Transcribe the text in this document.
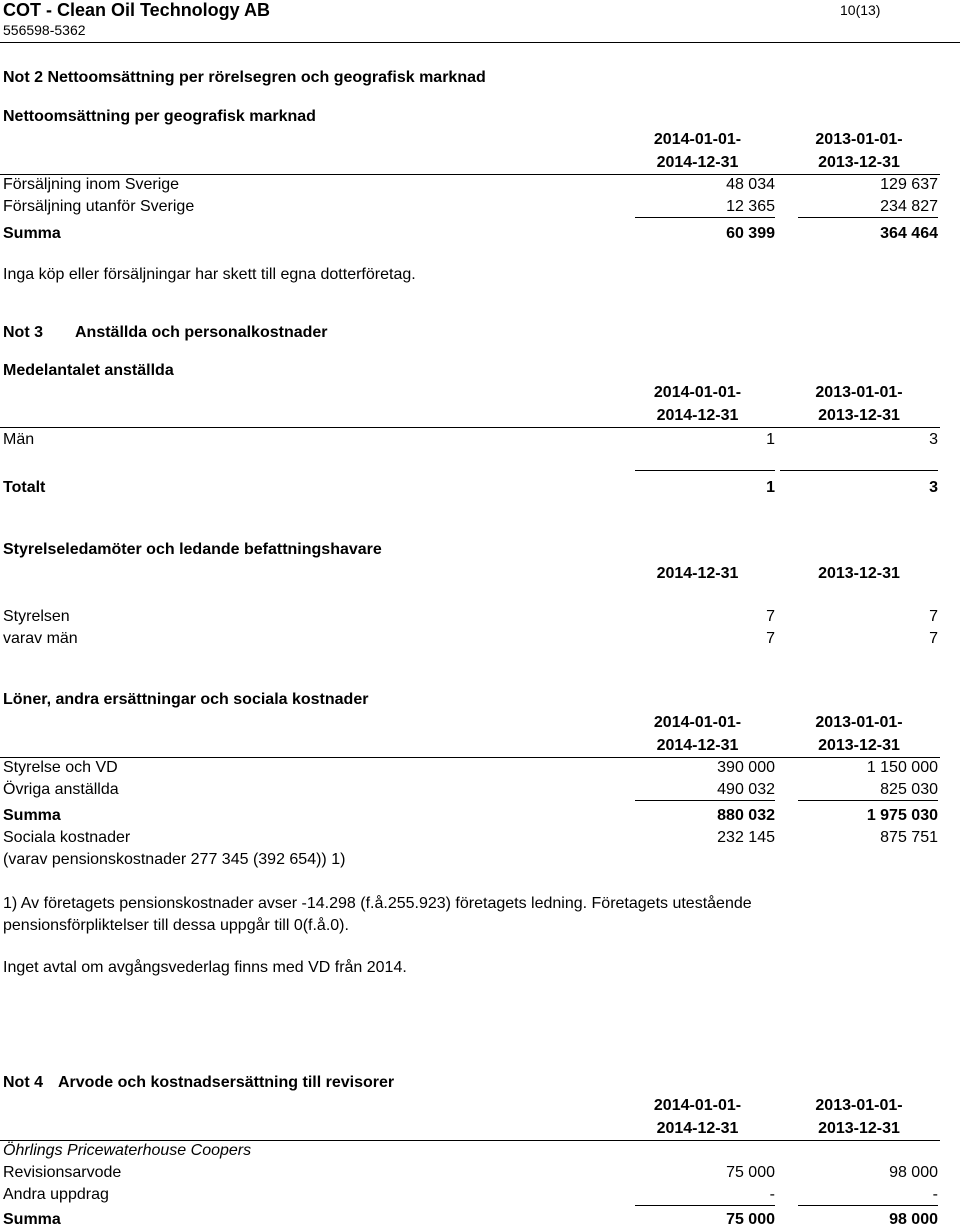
COT - Clean Oil Technology AB
556598-5362
10(13)
Not 2 Nettoomsättning per rörelsegren och geografisk marknad
Nettoomsättning per geografisk marknad
2014-01-01-	2013-01-01-
2014-12-31	2013-12-31
Försäljning inom Sverige	48 034	129 637
Försäljning utanför Sverige	12 365	234 827
Summa	60 399	364 464
Inga köp eller försäljningar har skett till egna dotterföretag.
Not 3 Anställda och personalkostnader
Medelantalet anställda
2014-01-01-	2013-01-01-
2014-12-31	2013-12-31
Män	1	3
Totalt	1	3
Styrelseledamöter och ledande befattningshavare
2014-12-31	2013-12-31
Styrelsen	7	7
varav män	7	7
Löner, andra ersättningar och sociala kostnader
2014-01-01-	2013-01-01-
2014-12-31	2013-12-31
Styrelse och VD	390 000	1 150 000
Övriga anställda	490 032	825 030
Summa	880 032	1 975 030
Sociala kostnader	232 145	875 751
(varav pensionskostnader 277 345 (392 654)) 1)
1) Av företagets pensionskostnader avser -14.298 (f.å.255.923) företagets ledning. Företagets utestående
pensionsförpliktelser till dessa uppgår till 0(f.å.0).
Inget avtal om avgångsvederlag finns med VD från 2014.
Not 4 Arvode och kostnadsersättning till revisorer
2014-01-01-	2013-01-01-
2014-12-31	2013-12-31
Öhrlings Pricewaterhouse Coopers
Revisionsarvode	75 000	98 000
Andra uppdrag	-	-
Summa	75 000	98 000
